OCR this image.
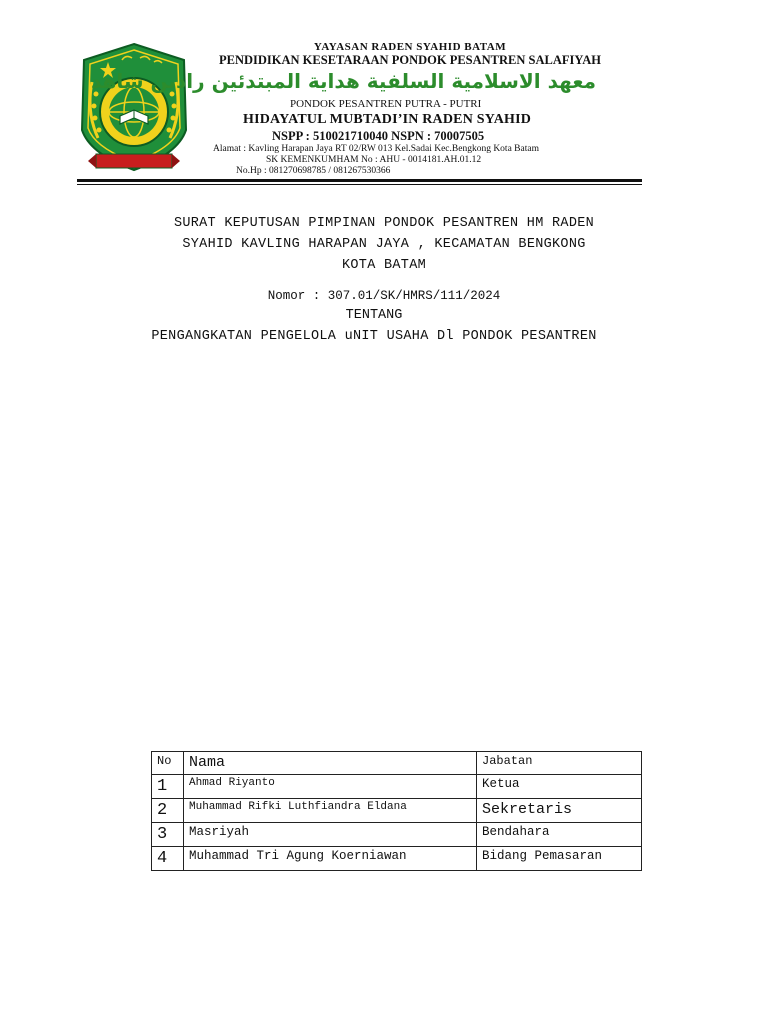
YAYASAN RADEN SYAHID BATAM
PENDIDIKAN KESETARAAN PONDOK PESANTREN SALAFIYAH
معهد الاسلامية السلفية هداية المبتدئين رادين شاهد
PONDOK PESANTREN PUTRA - PUTRI
HIDAYATUL MUBTADI’IN RADEN SYAHID
NSPP : 510021710040 NSPN : 70007505
Alamat : Kavling Harapan Jaya RT 02/RW 013 Kel.Sadai Kec.Bengkong Kota Batam
SK KEMENKUMHAM No : AHU - 0014181.AH.01.12
No.Hp : 081270698785 / 081267530366
SURAT KEPUTUSAN PIMPINAN PONDOK PESANTREN HM RADEN
SYAHID KAVLING HARAPAN JAYA , KECAMATAN BENGKONG
KOTA BATAM
Nomor : 307.01/SK/HMRS/111/2024
TENTANG
PENGANGKATAN PENGELOLA uNIT USAHA Dl PONDOK PESANTREN
No	Nama	Jabatan
1	Ahmad Riyanto	Ketua
2	Muhammad Rifki Luthfiandra Eldana	Sekretaris
3	Masriyah	Bendahara
4	Muhammad Tri Agung Koerniawan	Bidang Pemasaran
